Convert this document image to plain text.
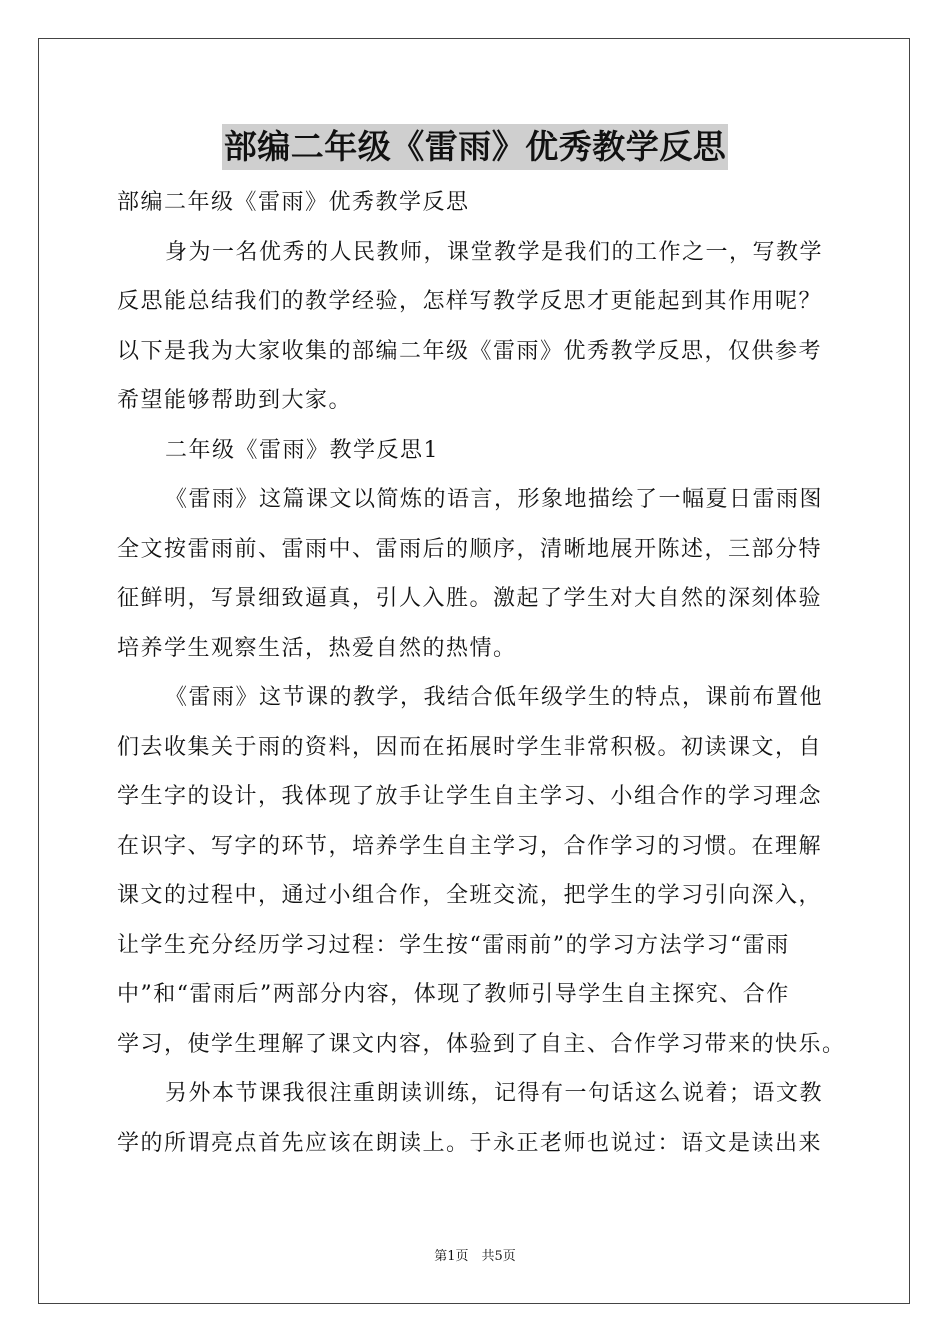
部编二年级《雷雨》优秀教学反思

部编二年级《雷雨》优秀教学反思

身为一名优秀的人民教师，课堂教学是我们的工作之一，写教学

反思能总结我们的教学经验，怎样写教学反思才更能起到其作用呢？

以下是我为大家收集的部编二年级《雷雨》优秀教学反思，仅供参考

希望能够帮助到大家。

二年级《雷雨》教学反思1

《雷雨》这篇课文以简炼的语言，形象地描绘了一幅夏日雷雨图

全文按雷雨前、雷雨中、雷雨后的顺序，清晰地展开陈述，三部分特

征鲜明，写景细致逼真，引人入胜。激起了学生对大自然的深刻体验

培养学生观察生活，热爱自然的热情。

《雷雨》这节课的教学，我结合低年级学生的特点，课前布置他

们去收集关于雨的资料，因而在拓展时学生非常积极。初读课文，自

学生字的设计，我体现了放手让学生自主学习、小组合作的学习理念

在识字、写字的环节，培养学生自主学习，合作学习的习惯。在理解

课文的过程中，通过小组合作，全班交流，把学生的学习引向深入，

让学生充分经历学习过程：学生按“雷雨前”的学习方法学习“雷雨

中”和“雷雨后”两部分内容，体现了教师引导学生自主探究、合作

学习，使学生理解了课文内容，体验到了自主、合作学习带来的快乐。

另外本节课我很注重朗读训练，记得有一句话这么说着；语文教

学的所谓亮点首先应该在朗读上。于永正老师也说过：语文是读出来

第1页　共5页
